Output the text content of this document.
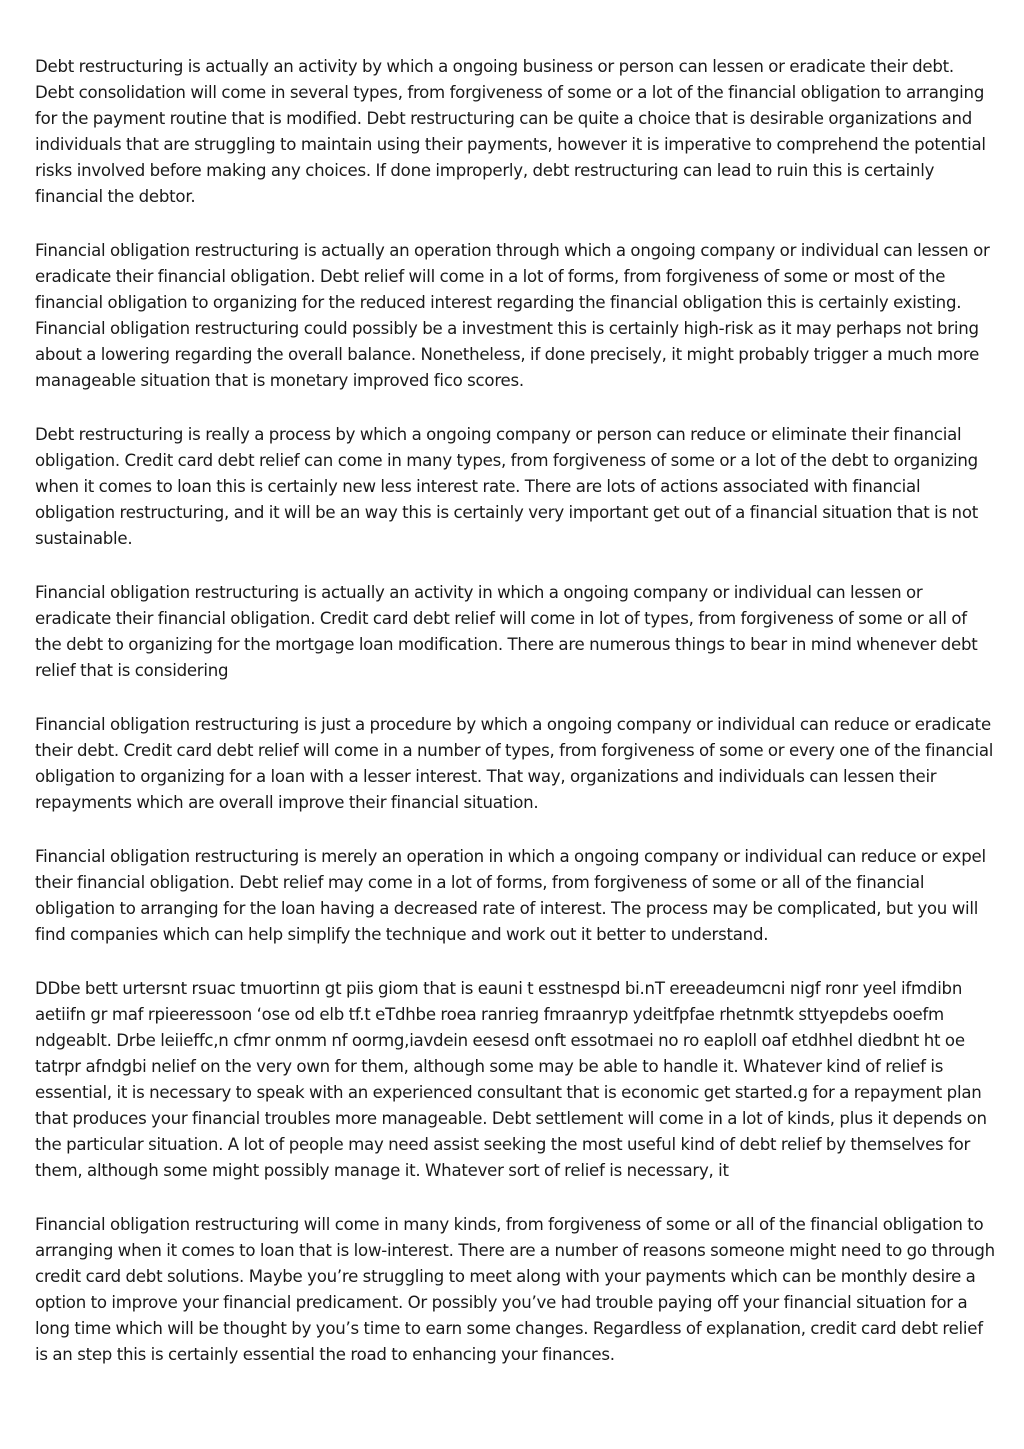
Debt restructuring is actually an activity by which a ongoing business or person can lessen or eradicate their debt. Debt consolidation will come in several types, from forgiveness of some or a lot of the financial obligation to arranging for the payment routine that is modified. Debt restructuring can be quite a choice that is desirable organizations and individuals that are struggling to maintain using their payments, however it is imperative to comprehend the potential risks involved before making any choices. If done improperly, debt restructuring can lead to ruin this is certainly financial the debtor.

Financial obligation restructuring is actually an operation through which a ongoing company or individual can lessen or eradicate their financial obligation. Debt relief will come in a lot of forms, from forgiveness of some or most of the financial obligation to organizing for the reduced interest regarding the financial obligation this is certainly existing. Financial obligation restructuring could possibly be a investment this is certainly high-risk as it may perhaps not bring about a lowering regarding the overall balance. Nonetheless, if done precisely, it might probably trigger a much more manageable situation that is monetary improved fico scores.

Debt restructuring is really a process by which a ongoing company or person can reduce or eliminate their financial obligation. Credit card debt relief can come in many types, from forgiveness of some or a lot of the debt to organizing when it comes to loan this is certainly new less interest rate. There are lots of actions associated with financial obligation restructuring, and it will be an way this is certainly very important get out of a financial situation that is not sustainable.

Financial obligation restructuring is actually an activity in which a ongoing company or individual can lessen or eradicate their financial obligation. Credit card debt relief will come in lot of types, from forgiveness of some or all of the debt to organizing for the mortgage loan modification. There are numerous things to bear in mind whenever debt relief that is considering

Financial obligation restructuring is just a procedure by which a ongoing company or individual can reduce or eradicate their debt. Credit card debt relief will come in a number of types, from forgiveness of some or every one of the financial obligation to organizing for a loan with a lesser interest. That way, organizations and individuals can lessen their repayments which are overall improve their financial situation.

Financial obligation restructuring is merely an operation in which a ongoing company or individual can reduce or expel their financial obligation. Debt relief may come in a lot of forms, from forgiveness of some or all of the financial obligation to arranging for the loan having a decreased rate of interest. The process may be complicated, but you will find companies which can help simplify the technique and work out it better to understand.

DDbe bett urtersnt rsuac tmuortinn gt piis giom that is eauni t esstnespd bi.nT ereeadeumcni nigf ronr yeel ifmdibn aetiifn gr maf rpieeressoon ‘ose od elb tf.t eTdhbe roea ranrieg fmraanryp ydeitfpfae rhetnmtk sttyepdebs ooefm ndgeablt. Drbe leiieffc,n cfmr onmm nf oormg,iavdein eesesd onft essotmaei no ro eaploll oaf etdhhel diedbnt ht oe tatrpr afndgbi nelief on the very own for them, although some may be able to handle it. Whatever kind of relief is essential, it is necessary to speak with an experienced consultant that is economic get started.g for a repayment plan that produces your financial troubles more manageable. Debt settlement will come in a lot of kinds, plus it depends on the particular situation. A lot of people may need assist seeking the most useful kind of debt relief by themselves for them, although some might possibly manage it. Whatever sort of relief is necessary, it

Financial obligation restructuring will come in many kinds, from forgiveness of some or all of the financial obligation to arranging when it comes to loan that is low-interest. There are a number of reasons someone might need to go through credit card debt solutions. Maybe you’re struggling to meet along with your payments which can be monthly desire a option to improve your financial predicament. Or possibly you’ve had trouble paying off your financial situation for a long time which will be thought by you’s time to earn some changes. Regardless of explanation, credit card debt relief is an step this is certainly essential the road to enhancing your finances.
